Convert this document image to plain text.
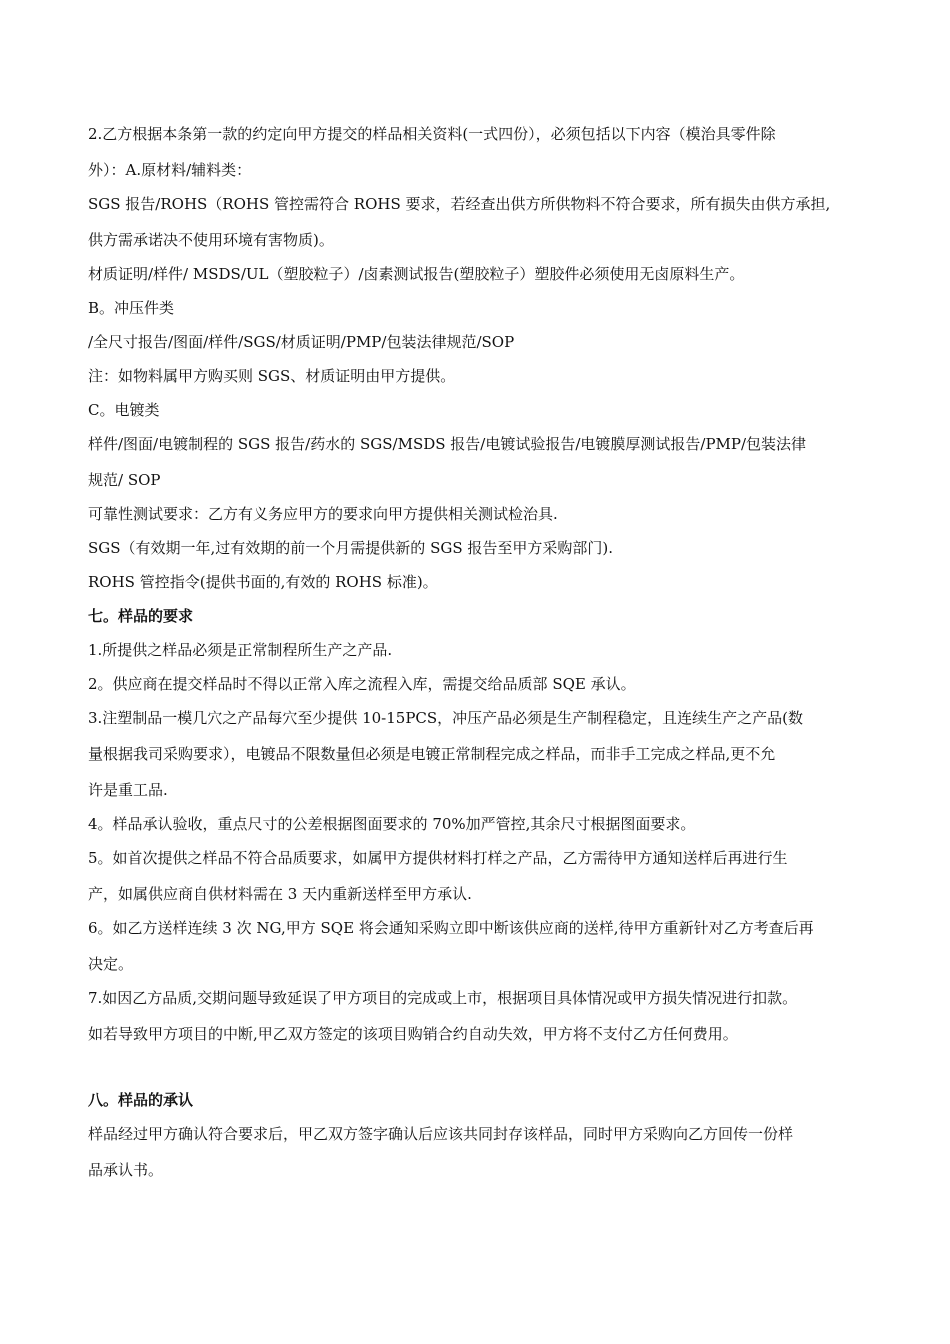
2.乙方根据本条第一款的约定向甲方提交的样品相关资料(一式四份），必须包括以下内容（模治具零件除

外）：A.原材料/辅料类：

SGS 报告/ROHS（ROHS 管控需符合 ROHS 要求，若经查出供方所供物料不符合要求，所有损失由供方承担,

供方需承诺决不使用环境有害物质)。

材质证明/样件/ MSDS/UL（塑胶粒子）/卤素测试报告(塑胶粒子）塑胶件必须使用无卤原料生产。

B。冲压件类

/全尺寸报告/图面/样件/SGS/材质证明/PMP/包装法律规范/SOP

注：如物料属甲方购买则 SGS、材质证明由甲方提供。

C。电镀类

样件/图面/电镀制程的 SGS 报告/药水的 SGS/MSDS 报告/电镀试验报告/电镀膜厚测试报告/PMP/包装法律

规范/ SOP

可靠性测试要求：乙方有义务应甲方的要求向甲方提供相关测试检治具.

SGS（有效期一年,过有效期的前一个月需提供新的 SGS 报告至甲方采购部门).

ROHS 管控指令(提供书面的,有效的 ROHS 标准)。

七。样品的要求

1.所提供之样品必须是正常制程所生产之产品.

2。供应商在提交样品时不得以正常入库之流程入库，需提交给品质部 SQE 承认。

3.注塑制品一模几穴之产品每穴至少提供 10-15PCS，冲压产品必须是生产制程稳定，且连续生产之产品(数

量根据我司采购要求），电镀品不限数量但必须是电镀正常制程完成之样品，而非手工完成之样品,更不允

许是重工品.

4。样品承认验收，重点尺寸的公差根据图面要求的 70%加严管控,其余尺寸根据图面要求。

5。如首次提供之样品不符合品质要求，如属甲方提供材料打样之产品，乙方需待甲方通知送样后再进行生

产，如属供应商自供材料需在 3 天内重新送样至甲方承认.

6。如乙方送样连续 3 次 NG,甲方 SQE 将会通知采购立即中断该供应商的送样,待甲方重新针对乙方考查后再

决定。

7.如因乙方品质,交期问题导致延误了甲方项目的完成或上市，根据项目具体情况或甲方损失情况进行扣款。

如若导致甲方项目的中断,甲乙双方签定的该项目购销合约自动失效，甲方将不支付乙方任何费用。

八。样品的承认

样品经过甲方确认符合要求后，甲乙双方签字确认后应该共同封存该样品，同时甲方采购向乙方回传一份样

品承认书。
